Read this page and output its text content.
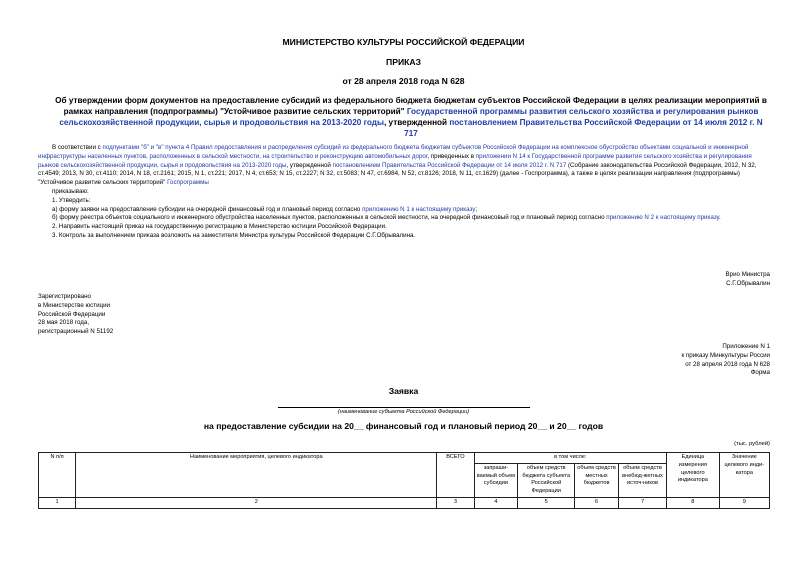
МИНИСТЕРСТВО КУЛЬТУРЫ РОССИЙСКОЙ ФЕДЕРАЦИИ
ПРИКАЗ
от 28 апреля 2018 года N 628
Об утверждении форм документов на предоставление субсидий из федерального бюджета бюджетам субъектов Российской Федерации в целях реализации мероприятий в рамках направления (подпрограммы) "Устойчивое развитие сельских территорий" Государственной программы развития сельского хозяйства и регулирования рынков сельскохозяйственной продукции, сырья и продовольствия на 2013-2020 годы, утвержденной постановлением Правительства Российской Федерации от 14 июля 2012 г. N 717

В соответствии с подпунктами "б" и "в" пункта 4 Правил предоставления и распределения субсидий из федерального бюджета бюджетам субъектов Российской Федерации на комплексное обустройство объектами социальной и инженерной инфраструктуры населенных пунктов, расположенных в сельской местности, на строительство и реконструкцию автомобильных дорог, приведенных в приложении N 14 к Государственной программе развития сельского хозяйства и регулирования рынков сельскохозяйственной продукции, сырья и продовольствия на 2013-2020 годы, утвержденной постановлением Правительства Российской Федерации от 14 июля 2012 г. N 717 (Собрание законодательства Российской Федерации, 2012, N 32, ст.4549; 2013, N 30, ст.4110; 2014, N 18, ст.2161; 2015, N 1, ст.221; 2017, N 4, ст.653; N 15, ст.2227; N 32, ст.5083; N 47, ст.6984, N 52, ст.8126; 2018, N 11, ст.1629) (далее - Госпрограмма), а также в целях реализации направления (подпрограммы) "Устойчивое развитие сельских территорий" Госпрограммы

приказываю:

1. Утвердить:

а) форму заявки на предоставление субсидии на очередной финансовый год и плановый период согласно приложению N 1 к настоящему приказу;

б) форму реестра объектов социального и инженерного обустройства населенных пунктов, расположенных в сельской местности, на очередной финансовый год и плановый период согласно приложению N 2 к настоящему приказу.

2. Направить настоящий приказ на государственную регистрацию в Министерство юстиции Российской Федерации.

3. Контроль за выполнением приказа возложить на заместителя Министра культуры Российской Федерации С.Г.Обрывалина.

Врио Министра
С.Г.Обрывалин
Зарегистрировано
в Министерстве юстиции
Российской Федерации
28 мая 2018 года,
регистрационный N 51192
Приложение N 1
к приказу Минкультуры России
от 28 апреля 2018 года N 628
Форма
Заявка
(наименование субъекта Российской Федерации)
на предоставление субсидии на 20__ финансовый год и плановый период 20__ и 20__ годов
(тыс. рублей)
N п/п	Наименование мероприятия, целевого индикатора	ВСЕГО	в том числе:				Единица измерения целевого индикатора	Значение целевого инди-катора
			запраши-ваемый объем субсидии	объем средств бюджета субъекта Российской Федерации	объем средств местных бюджетов	объем средств внебюд-жетных источ-ников		
1	2	3	4	5	6	7	8	9
